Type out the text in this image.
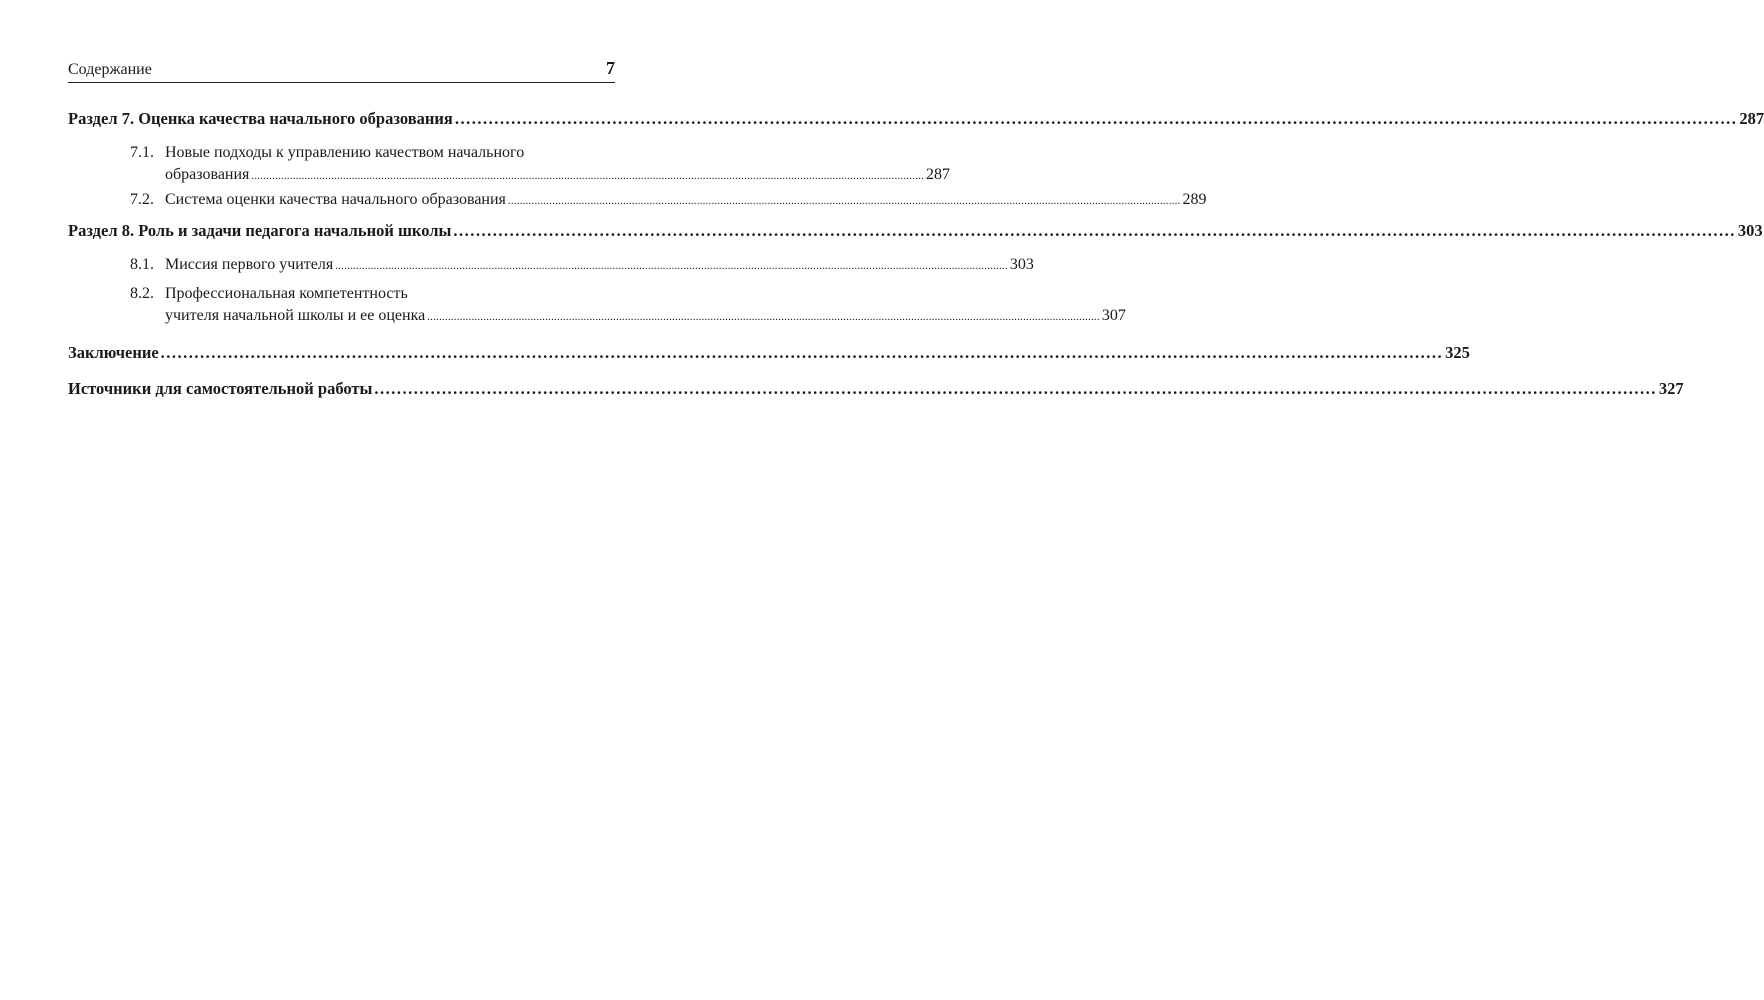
Содержание	7
Раздел 7. Оценка качества начального образования .....	287
7.1. Новые подходы к управлению качеством начального
образования .....	287
7.2. Система оценки качества начального образования .....	289
Раздел 8. Роль и задачи педагога начальной школы .....	303
8.1. Миссия первого учителя .....	303
8.2. Профессиональная компетентность
учителя начальной школы и ее оценка .....	307
Заключение .....	325
Источники для самостоятельной работы .....	327
